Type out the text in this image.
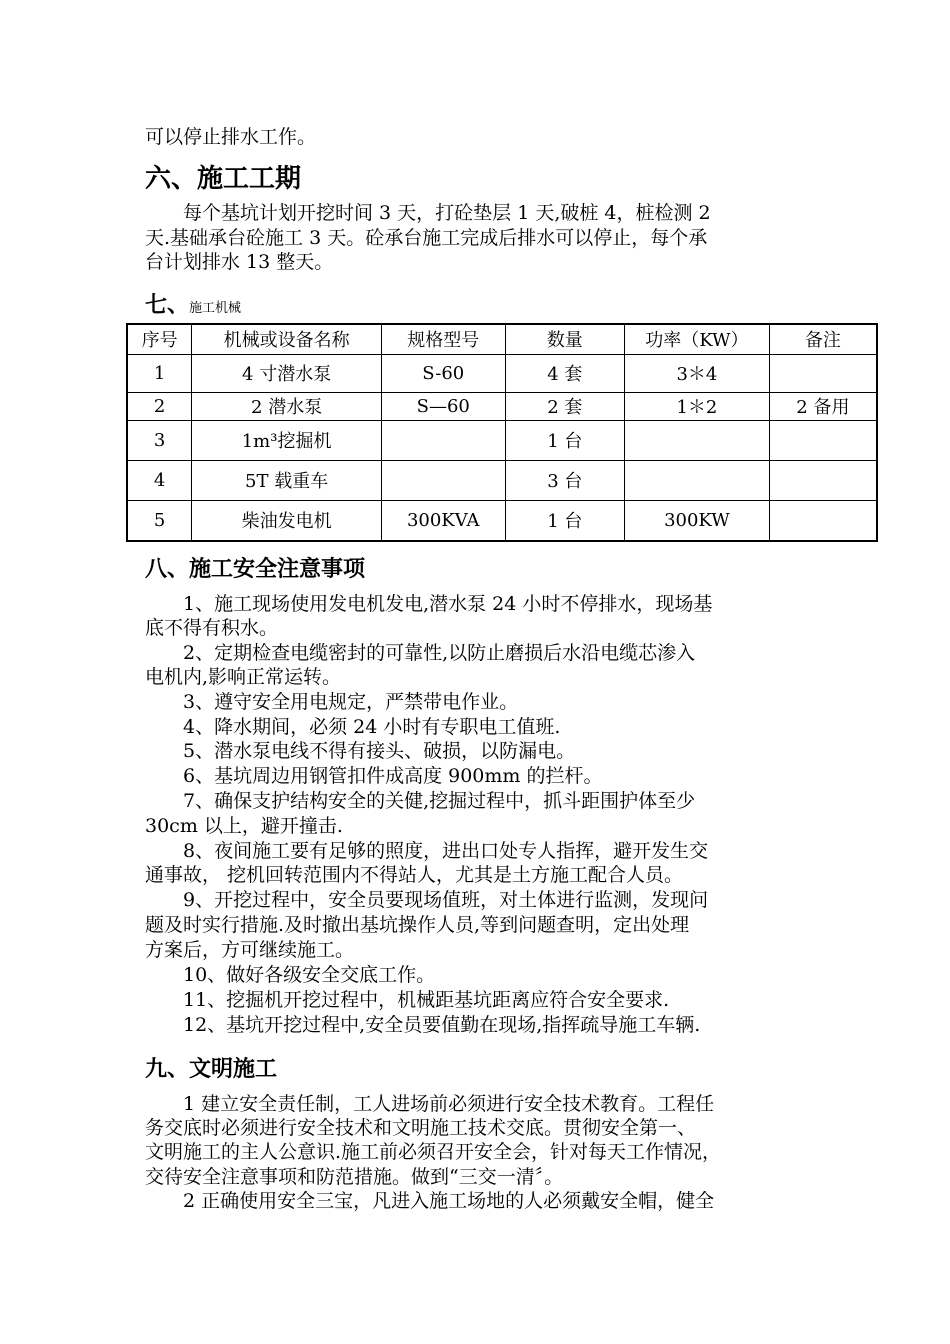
可以停止排水工作。

六、施工工期

　　每个基坑计划开挖时间 3 天，打砼垫层 1 天,破桩 4，桩检测 2

天.基础承台砼施工 3 天。砼承台施工完成后排水可以停止，每个承

台计划排水 13 整天。

七、施工机械
序号	机械或设备名称	规格型号	数量	功率（KW）	备注
1	4 寸潜水泵	S-60	4 套	3＊4	
2	2 潜水泵	S—60	2 套	1＊2	2 备用
3	1m³挖掘机		1 台		
4	5T 载重车		3 台		
5	柴油发电机	300KVA	1 台	300KW	
八、施工安全注意事项

　　1、施工现场使用发电机发电,潜水泵 24 小时不停排水，现场基

底不得有积水。

　　2、定期检查电缆密封的可靠性,以防止磨损后水沿电缆芯渗入

电机内,影响正常运转。

　　3、遵守安全用电规定，严禁带电作业。

　　4、降水期间，必须 24 小时有专职电工值班.

　　5、潜水泵电线不得有接头、破损，以防漏电。

　　6、基坑周边用钢管扣件成高度 900mm 的拦杆。

　　7、确保支护结构安全的关健,挖掘过程中，抓斗距围护体至少

30cm 以上，避开撞击.

　　8、夜间施工要有足够的照度，进出口处专人指挥，避开发生交

通事故， 挖机回转范围内不得站人，尤其是土方施工配合人员。

　　9、开挖过程中，安全员要现场值班，对土体进行监测，发现问

题及时实行措施.及时撤出基坑操作人员,等到问题查明，定出处理

方案后，方可继续施工。

　　10、做好各级安全交底工作。

　　11、挖掘机开挖过程中，机械距基坑距离应符合安全要求.

　　12、基坑开挖过程中,安全员要值勤在现场,指挥疏导施工车辆.

九、文明施工

　　1 建立安全责任制，工人进场前必须进行安全技术教育。工程任

务交底时必须进行安全技术和文明施工技术交底。贯彻安全第一、

文明施工的主人公意识.施工前必须召开安全会，针对每天工作情况，

交待安全注意事项和防范措施。做到“三交一清〞。

　　2 正确使用安全三宝，凡进入施工场地的人必须戴安全帽，健全
